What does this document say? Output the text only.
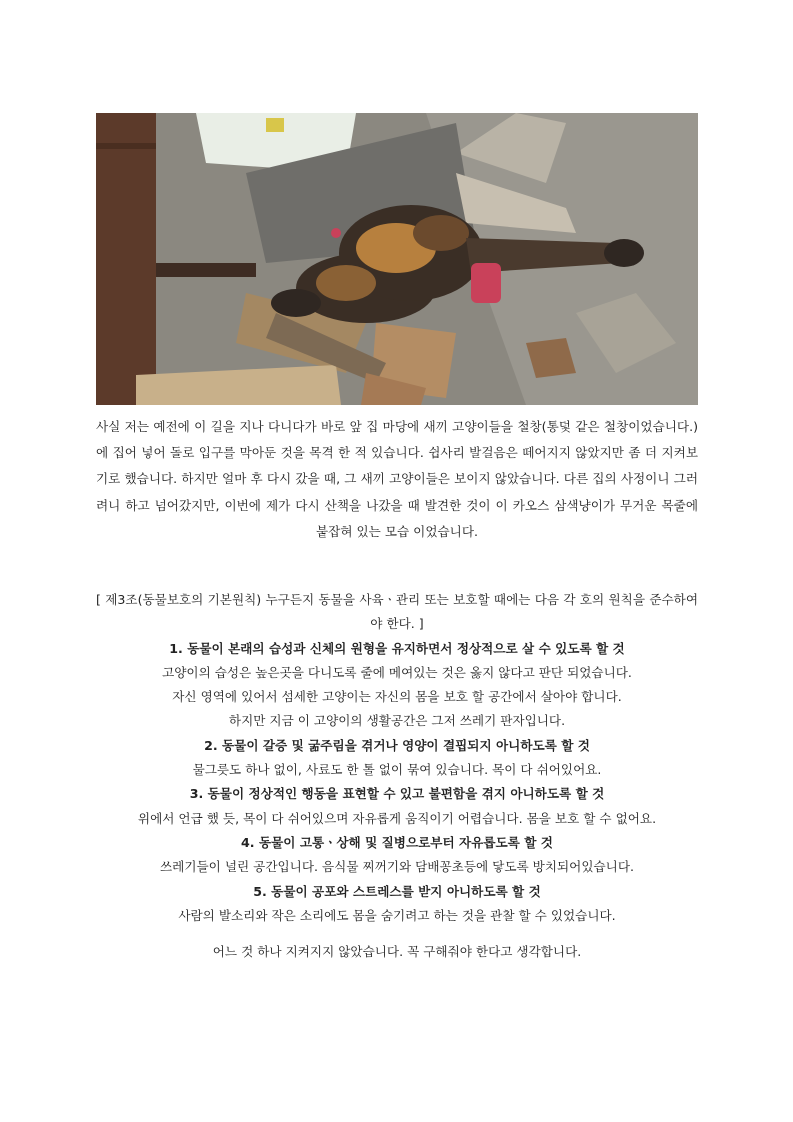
사실 저는 예전에 이 길을 지나 다니다가 바로 앞 집 마당에 새끼 고양이들을 철창(통덫 같은 철창이었습니다.) 에 집어 넣어 돌로 입구를 막아둔 것을 목격 한 적 있습니다. 쉽사리 발걸음은 떼어지지 않았지만 좀 더 지켜보기로 했습니다. 하지만 얼마 후 다시 갔을 때, 그 새끼 고양이들은 보이지 않았습니다. 다른 집의 사정이니 그러려니 하고 넘어갔지만, 이번에 제가 다시 산책을 나갔을 때 발견한 것이 이 카오스 삼색냥이가 무거운 목줄에 붙잡혀 있는 모습 이었습니다.

[ 제3조(동물보호의 기본원칙) 누구든지 동물을 사육ㆍ관리 또는 보호할 때에는 다음 각 호의 원칙을 준수하여야 한다. ]

1. 동물이 본래의 습성과 신체의 원형을 유지하면서 정상적으로 살 수 있도록 할 것

고양이의 습성은 높은곳을 다니도록 줄에 메여있는 것은 옳지 않다고 판단 되었습니다.

자신 영역에 있어서 섬세한 고양이는 자신의 몸을 보호 할 공간에서 살아야 합니다.

하지만 지금 이 고양이의 생활공간은 그저 쓰레기 판자입니다.

2. 동물이 갈증 및 굶주림을 겪거나 영양이 결핍되지 아니하도록 할 것

물그릇도 하나 없이, 사료도 한 톨 없이 묶여 있습니다. 목이 다 쉬어있어요.

3. 동물이 정상적인 행동을 표현할 수 있고 불편함을 겪지 아니하도록 할 것

위에서 언급 했 듯, 목이 다 쉬어있으며 자유롭게 움직이기 어렵습니다. 몸을 보호 할 수 없어요.

4. 동물이 고통ㆍ상해 및 질병으로부터 자유롭도록 할 것

쓰레기들이 널린 공간입니다. 음식물 찌꺼기와 담배꽁초등에 닿도록 방치되어있습니다.

5. 동물이 공포와 스트레스를 받지 아니하도록 할 것

사람의 발소리와 작은 소리에도 몸을 숨기려고 하는 것을 관찰 할 수 있었습니다.

어느 것 하나 지켜지지 않았습니다. 꼭 구해줘야 한다고 생각합니다.
